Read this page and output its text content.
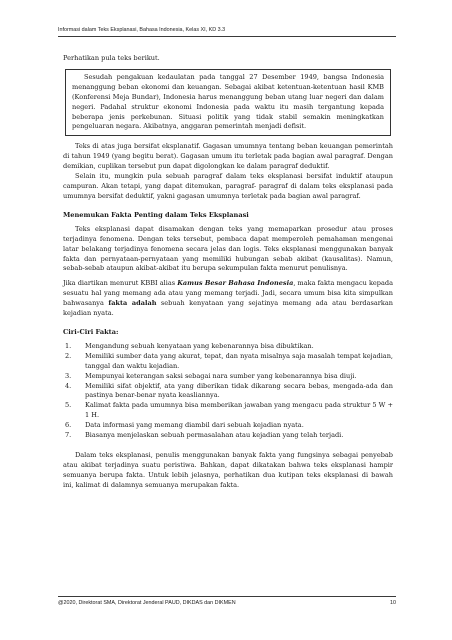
Informasi dalam Teks Eksplanasi, Bahasa Indonesia, Kelas XI, KD 3.3

Perhatikan pula teks berikut.

Sesudah pengakuan kedaulatan pada tanggal 27 Desember 1949, bangsa Indonesia menanggung beban ekonomi dan keuangan. Sebagai akibat ketentuan-ketentuan hasil KMB (Konferensi Meja Bundar), Indonesia harus menanggung beban utang luar negeri dan dalam negeri. Padahal struktur ekonomi Indonesia pada waktu itu masih tergantung kepada beberapa jenis perkebunan. Situasi politik yang tidak stabil semakin meningkatkan pengeluaran negara. Akibatnya, anggaran pemerintah menjadi defisit.

Teks di atas juga bersifat eksplanatif. Gagasan umumnya tentang beban keuangan pemerintah di tahun 1949 (yang begitu berat). Gagasan umum itu terletak pada bagian awal paragraf. Dengan demikian, cuplikan tersebut pun dapat digolongkan ke dalam paragraf deduktif.

Selain itu, mungkin pula sebuah paragraf dalam teks eksplanasi bersifat induktif ataupun campuran. Akan tetapi, yang dapat ditemukan, paragraf- paragraf di dalam teks eksplanasi pada umumnya bersifat deduktif, yakni gagasan umumnya terletak pada bagian awal paragraf.

Menemukan Fakta Penting dalam Teks Eksplanasi

Teks eksplanasi dapat disamakan dengan teks yang memaparkan prosedur atau proses terjadinya fenomena. Dengan teks tersebut, pembaca dapat memperoleh pemahaman mengenai latar belakang terjadinya fenomena secara jelas dan logis. Teks eksplanasi menggunakan banyak fakta dan pernyataan-pernyataan yang memiliki hubungan sebab akibat (kausalitas). Namun, sebab-sebab ataupun akibat-akibat itu berupa sekumpulan fakta menurut penulisnya.

Jika diartikan menurut KBBI alias Kamus Besar Bahasa Indonesia, maka fakta mengacu kepada sesuatu hal yang memang ada atau yang memang terjadi. Jadi, secara umum bisa kita simpulkan bahwasanya fakta adalah sebuah kenyataan yang sejatinya memang ada atau berdasarkan kejadian nyata.

Ciri-Ciri Fakta:
1.	Mengandung sebuah kenyataan yang kebenarannya bisa dibuktikan.
2.	Memiliki sumber data yang akurat, tepat, dan nyata misalnya saja masalah tempat kejadian, tanggal dan waktu kejadian.
3.	Mempunyai keterangan saksi sebagai nara sumber yang kebenarannya bisa diuji.
4.	Memiliki sifat objektif, ata yang diberikan tidak dikarang secara bebas, mengada-ada dan pastinya benar-benar nyata keasliannya.
5.	Kalimat fakta pada umumnya bisa memberikan jawaban yang mengacu pada struktur 5 W + 1 H.
6.	Data informasi yang memang diambil dari sebuah kejadian nyata.
7.	Biasanya menjelaskan sebuah permasalahan atau kejadian yang telah terjadi.

Dalam teks eksplanasi, penulis menggunakan banyak fakta yang fungsinya sebagai penyebab atau akibat terjadinya suatu peristiwa. Bahkan, dapat dikatakan bahwa teks eksplanasi hampir semuanya berupa fakta. Untuk lebih jelasnya, perhatikan dua kutipan teks eksplanasi di bawah ini, kalimat di dalamnya semuanya merupakan fakta.

@2020, Direktorat SMA, Direktorat Jenderal PAUD, DIKDAS dan DIKMEN	10
